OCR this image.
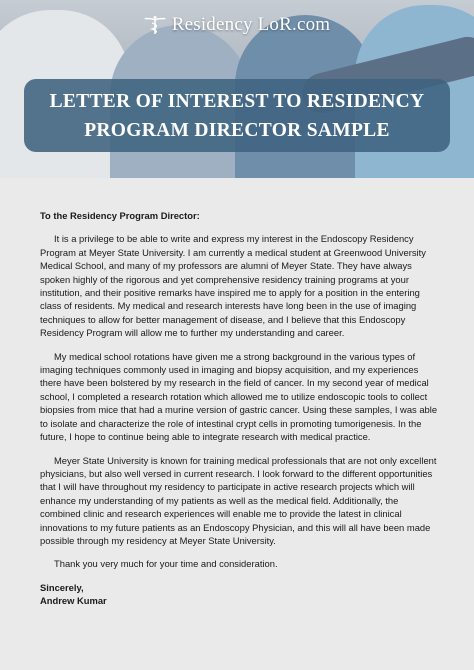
Residency LoR.com
LETTER OF INTEREST TO RESIDENCY
PROGRAM DIRECTOR SAMPLE

To the Residency Program Director:

It is a privilege to be able to write and express my interest in the Endoscopy Residency Program at Meyer State University. I am currently a medical student at Greenwood University Medical School, and many of my professors are alumni of Meyer State. They have always spoken highly of the rigorous and yet comprehensive residency training programs at your institution, and their positive remarks have inspired me to apply for a position in the entering class of residents. My medical and research interests have long been in the use of imaging techniques to allow for better management of disease, and I believe that this Endoscopy Residency Program will allow me to further my understanding and career.

My medical school rotations have given me a strong background in the various types of imaging techniques commonly used in imaging and biopsy acquisition, and my experiences there have been bolstered by my research in the field of cancer. In my second year of medical school, I completed a research rotation which allowed me to utilize endoscopic tools to collect biopsies from mice that had a murine version of gastric cancer. Using these samples, I was able to isolate and characterize the role of intestinal crypt cells in promoting tumorigenesis. In the future, I hope to continue being able to integrate research with medical practice.

Meyer State University is known for training medical professionals that are not only excellent physicians, but also well versed in current research. I look forward to the different opportunities that I will have throughout my residency to participate in active research projects which will enhance my understanding of my patients as well as the medical field. Additionally, the combined clinic and research experiences will enable me to provide the latest in clinical innovations to my future patients as an Endoscopy Physician, and this will all have been made possible through my residency at Meyer State University.

Thank you very much for your time and consideration.

Sincerely,

Andrew Kumar
